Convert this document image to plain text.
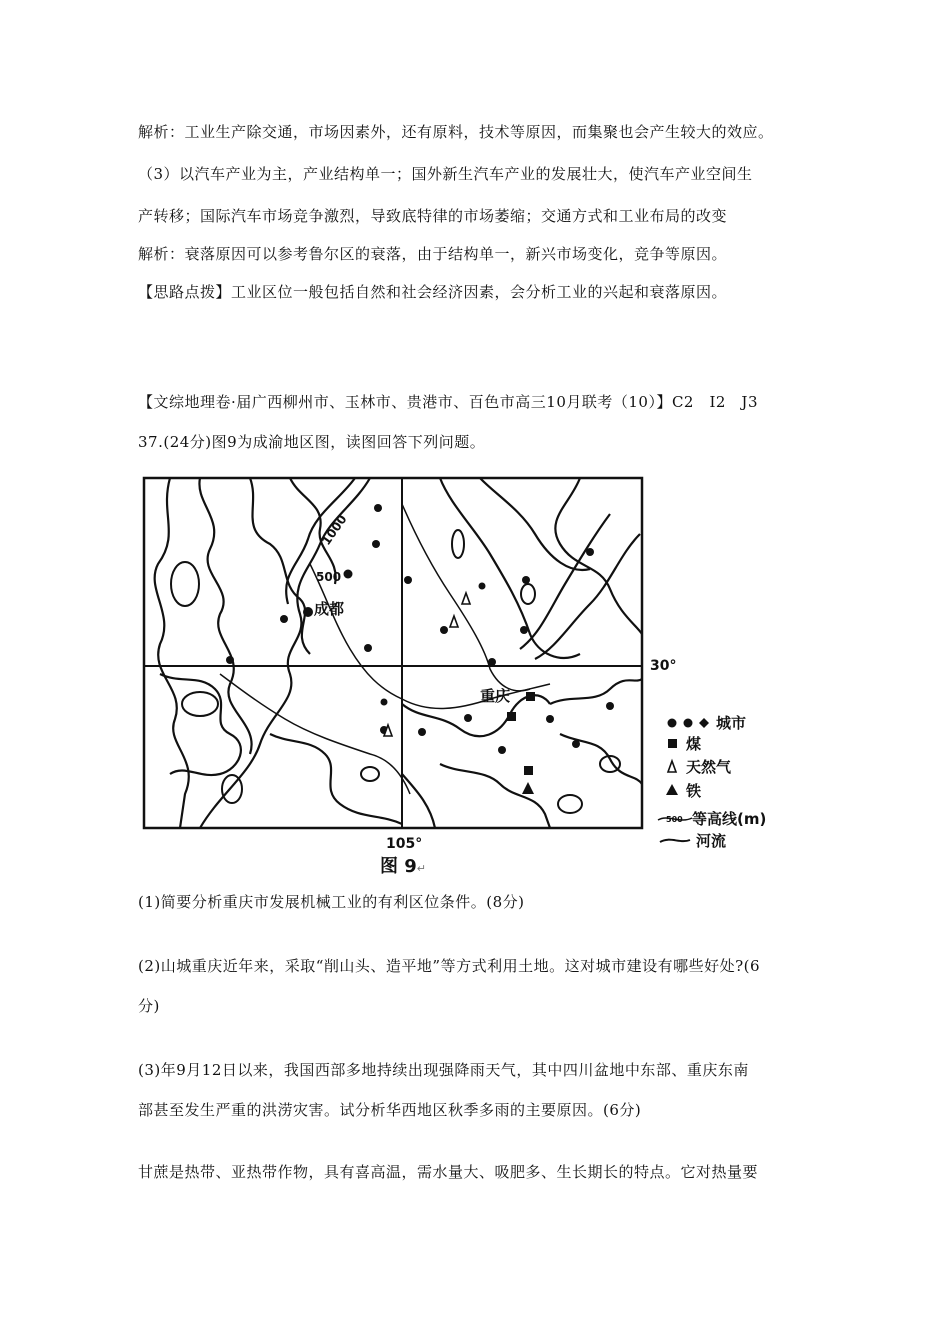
解析：工业生产除交通，市场因素外，还有原料，技术等原因，而集聚也会产生较大的效应。
（3）以汽车产业为主，产业结构单一；国外新生汽车产业的发展壮大，使汽车产业空间生
产转移；国际汽车市场竞争激烈，导致底特律的市场萎缩；交通方式和工业布局的改变
解析：衰落原因可以参考鲁尔区的衰落，由于结构单一，新兴市场变化，竞争等原因。
【思路点拨】工业区位一般包括自然和社会经济因素，会分析工业的兴起和衰落原因。
【文综地理卷·届广西柳州市、玉林市、贵港市、百色市高三10月联考（10）】C2　I2　J3
37.(24分)图9为成渝地区图，读图回答下列问题。
1000
500
成都
重庆
30°
105°
城市
煤
天然气
铁
500 等高线(m)
河流
图 9↵
(1)简要分析重庆市发展机械工业的有利区位条件。(8分)
(2)山城重庆近年来，采取“削山头、造平地”等方式利用土地。这对城市建设有哪些好处?(6
分)
(3)年9月12日以来，我国西部多地持续出现强降雨天气，其中四川盆地中东部、重庆东南
部甚至发生严重的洪涝灾害。试分析华西地区秋季多雨的主要原因。(6分)
甘蔗是热带、亚热带作物，具有喜高温，需水量大、吸肥多、生长期长的特点。它对热量要
